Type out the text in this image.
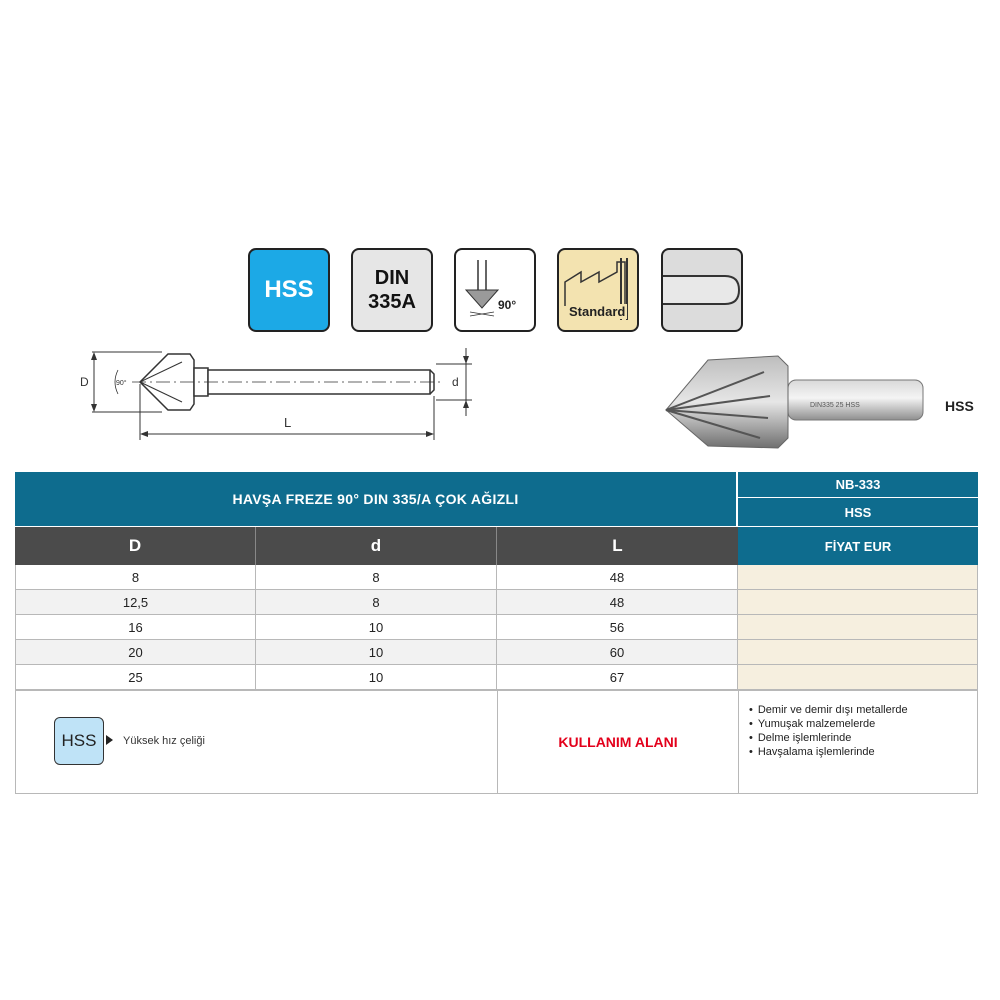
HSS	DIN
335A	90°	Standard
D	90°	d
L
DIN335 25 HSS	HSS
HAVŞA FREZE 90° DIN 335/A ÇOK AĞIZLI
NB-333
HSS
D	d	L	FİYAT EUR
8	8	48
12,5	8	48
16	10	56
20	10	60
25	10	67
HSS	Yüksek hız çeliği	KULLANIM ALANI
• Demir ve demir dışı metallerde
• Yumuşak malzemelerde
• Delme işlemlerinde
• Havşalama işlemlerinde
